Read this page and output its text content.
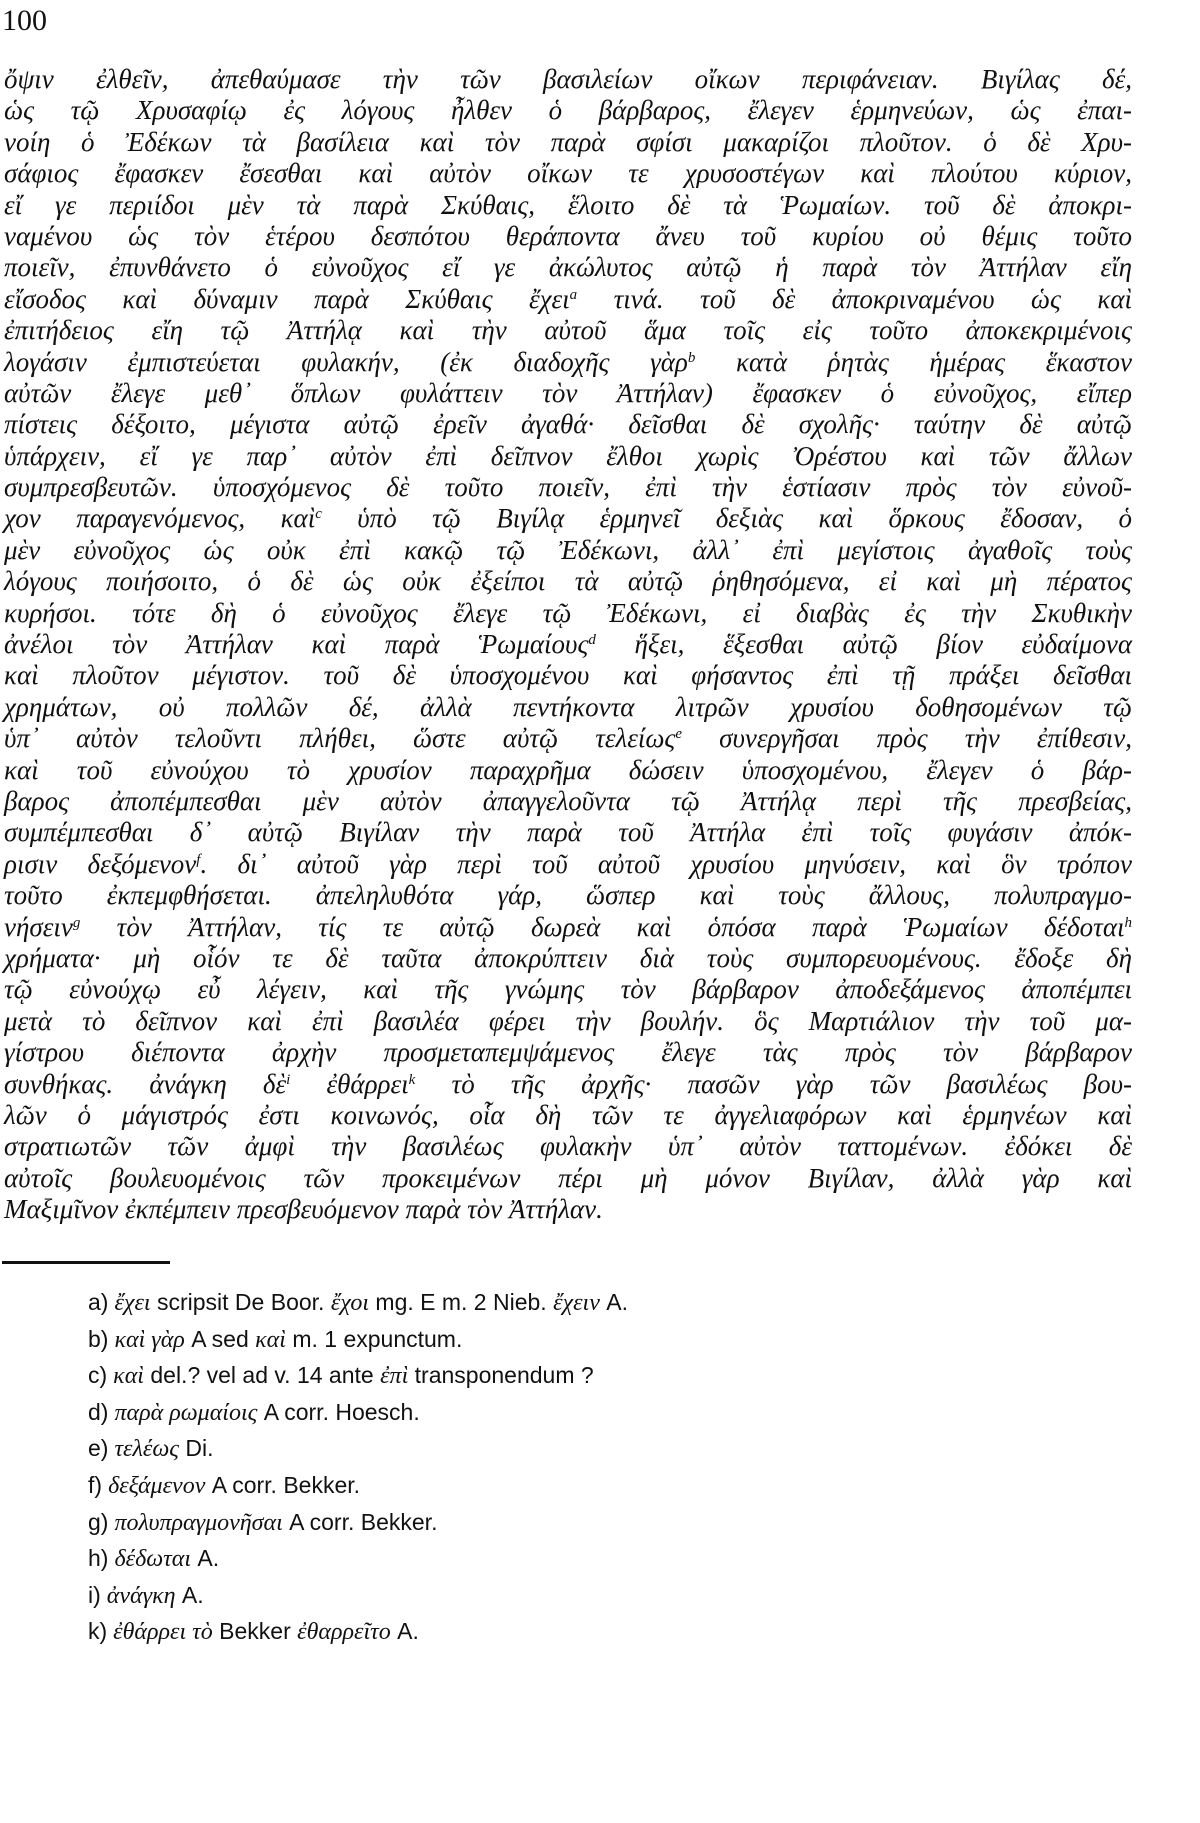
100
ὄψιν ἐλθεῖν, ἀπεθαύμασε τὴν τῶν βασιλείων οἴκων περιφάνειαν. Βιγίλας δέ,
ὡς τῷ Χρυσαφίῳ ἐς λόγους ἦλθεν ὁ βάρβαρος, ἔλεγεν ἑρμηνεύων, ὡς ἐπαι-
νοίη ὁ Ἐδέκων τὰ βασίλεια καὶ τὸν παρὰ σφίσι μακαρίζοι πλοῦτον. ὁ δὲ Χρυ-
σάφιος ἔφασκεν ἔσεσθαι καὶ αὐτὸν οἴκων τε χρυσοστέγων καὶ πλούτου κύριον,
εἴ γε περιίδοι μὲν τὰ παρὰ Σκύθαις, ἕλοιτο δὲ τὰ Ῥωμαίων. τοῦ δὲ ἀποκρι-
ναμένου ὡς τὸν ἑτέρου δεσπότου θεράποντα ἄνευ τοῦ κυρίου οὐ θέμις τοῦτο
ποιεῖν, ἐπυνθάνετο ὁ εὐνοῦχος εἴ γε ἀκώλυτος αὐτῷ ἡ παρὰ τὸν Ἀττήλαν εἴη
εἴσοδος καὶ δύναμιν παρὰ Σκύθαις ἔχει$^a$ τινά. τοῦ δὲ ἀποκριναμένου ὡς καὶ
ἐπιτήδειος εἴη τῷ Ἀττήλᾳ καὶ τὴν αὐτοῦ ἅμα τοῖς εἰς τοῦτο ἀποκεκριμένοις
λογάσιν ἐμπιστεύεται φυλακήν, (ἐκ διαδοχῆς γὰρ$^b$ κατὰ ῥητὰς ἡμέρας ἕκαστον
αὐτῶν ἔλεγε μεθ᾽ ὅπλων φυλάττειν τὸν Ἀττήλαν) ἔφασκεν ὁ εὐνοῦχος, εἴπερ
πίστεις δέξοιτο, μέγιστα αὐτῷ ἐρεῖν ἀγαθά· δεῖσθαι δὲ σχολῆς· ταύτην δὲ αὐτῷ
ὑπάρχειν, εἴ γε παρ᾽ αὐτὸν ἐπὶ δεῖπνον ἔλθοι χωρὶς Ὀρέστου καὶ τῶν ἄλλων
συμπρεσβευτῶν. ὑποσχόμενος δὲ τοῦτο ποιεῖν, ἐπὶ τὴν ἑστίασιν πρὸς τὸν εὐνοῦ-
χον παραγενόμενος, καὶ$^c$ ὑπὸ τῷ Βιγίλᾳ ἑρμηνεῖ δεξιὰς καὶ ὅρκους ἔδοσαν, ὁ
μὲν εὐνοῦχος ὡς οὐκ ἐπὶ κακῷ τῷ Ἐδέκωνι, ἀλλ᾽ ἐπὶ μεγίστοις ἀγαθοῖς τοὺς
λόγους ποιήσοιτο, ὁ δὲ ὡς οὐκ ἐξείποι τὰ αὐτῷ ῥηθησόμενα, εἰ καὶ μὴ πέρατος
κυρήσοι. τότε δὴ ὁ εὐνοῦχος ἔλεγε τῷ Ἐδέκωνι, εἰ διαβὰς ἐς τὴν Σκυθικὴν
ἀνέλοι τὸν Ἀττήλαν καὶ παρὰ Ῥωμαίους$^d$ ἥξει, ἕξεσθαι αὐτῷ βίον εὐδαίμονα
καὶ πλοῦτον μέγιστον. τοῦ δὲ ὑποσχομένου καὶ φήσαντος ἐπὶ τῇ πράξει δεῖσθαι
χρημάτων, οὐ πολλῶν δέ, ἀλλὰ πεντήκοντα λιτρῶν χρυσίου δοθησομένων τῷ
ὑπ᾽ αὐτὸν τελοῦντι πλήθει, ὥστε αὐτῷ τελείως$^e$ συνεργῆσαι πρὸς τὴν ἐπίθεσιν,
καὶ τοῦ εὐνούχου τὸ χρυσίον παραχρῆμα δώσειν ὑποσχομένου, ἔλεγεν ὁ βάρ-
βαρος ἀποπέμπεσθαι μὲν αὐτὸν ἀπαγγελοῦντα τῷ Ἀττήλᾳ περὶ τῆς πρεσβείας,
συμπέμπεσθαι δ᾽ αὐτῷ Βιγίλαν τὴν παρὰ τοῦ Ἀττήλα ἐπὶ τοῖς φυγάσιν ἀπόκ-
ρισιν δεξόμενον$^f$. δι᾽ αὐτοῦ γὰρ περὶ τοῦ αὐτοῦ χρυσίου μηνύσειν, καὶ ὃν τρόπον
τοῦτο ἐκπεμφθήσεται. ἀπεληλυθότα γάρ, ὥσπερ καὶ τοὺς ἄλλους, πολυπραγμο-
νήσειν$^g$ τὸν Ἀττήλαν, τίς τε αὐτῷ δωρεὰ καὶ ὁπόσα παρὰ Ῥωμαίων δέδοται$^h$
χρήματα· μὴ οἷόν τε δὲ ταῦτα ἀποκρύπτειν διὰ τοὺς συμπορευομένους. ἔδοξε δὴ
τῷ εὐνούχῳ εὖ λέγειν, καὶ τῆς γνώμης τὸν βάρβαρον ἀποδεξάμενος ἀποπέμπει
μετὰ τὸ δεῖπνον καὶ ἐπὶ βασιλέα φέρει τὴν βουλήν. ὃς Μαρτιάλιον τὴν τοῦ μα-
γίστρου διέποντα ἀρχὴν προσμεταπεμψάμενος ἔλεγε τὰς πρὸς τὸν βάρβαρον
συνθήκας. ἀνάγκη δὲ$^i$ ἐθάρρει$^k$ τὸ τῆς ἀρχῆς· πασῶν γὰρ τῶν βασιλέως βου-
λῶν ὁ μάγιστρός ἐστι κοινωνός, οἷα δὴ τῶν τε ἀγγελιαφόρων καὶ ἑρμηνέων καὶ
στρατιωτῶν τῶν ἀμφὶ τὴν βασιλέως φυλακὴν ὑπ᾽ αὐτὸν ταττομένων. ἐδόκει δὲ
αὐτοῖς βουλευομένοις τῶν προκειμένων πέρι μὴ μόνον Βιγίλαν, ἀλλὰ γὰρ καὶ
Μαξιμῖνον ἐκπέμπειν πρεσβευόμενον παρὰ τὸν Ἀττήλαν.
a) ἔχει scripsit De Boor. ἔχοι mg. E m. 2 Nieb. ἔχειν A.
b) καὶ γὰρ A sed καὶ m. 1 expunctum.
c) καὶ del.? vel ad v. 14 ante ἐπὶ transponendum ?
d) παρὰ ρωμαίοις A corr. Hoesch.
e) τελέως Di.
f) δεξάμενον A corr. Bekker.
g) πολυπραγμονῆσαι A corr. Bekker.
h) δέδωται A.
i) ἀνάγκη A.
k) ἐθάρρει τὸ Bekker ἐθαρρεῖτο A.
